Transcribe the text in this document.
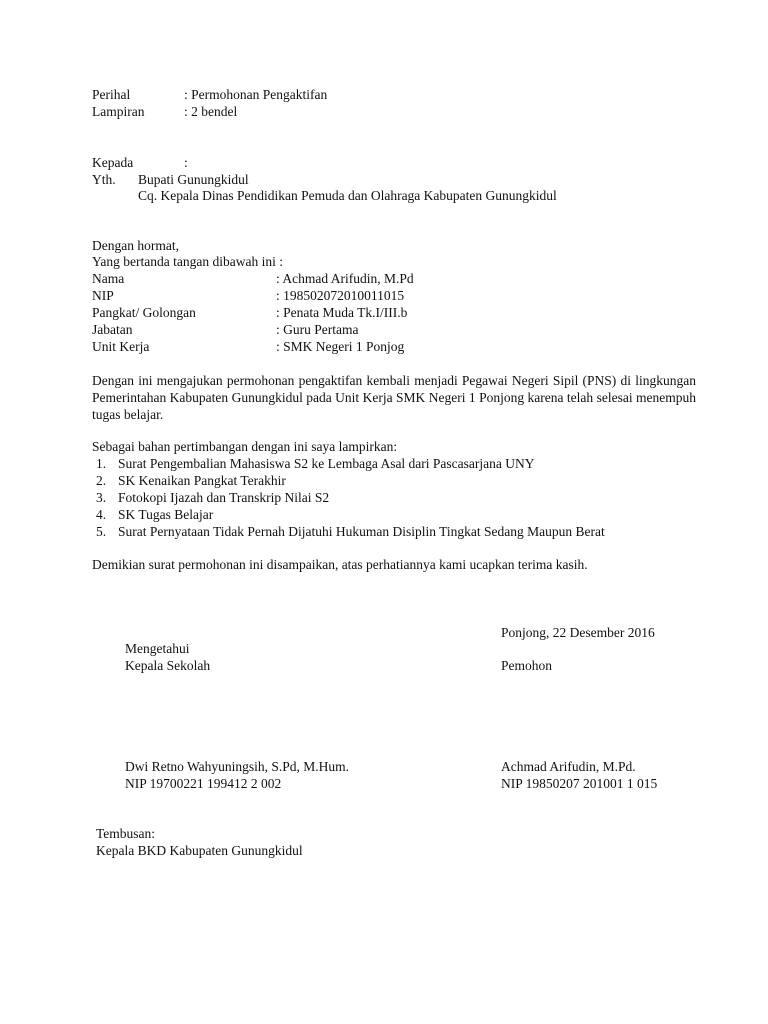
Perihal	: Permohonan Pengaktifan
Lampiran	: 2 bendel
Kepada	:
Yth. Bupati Gunungkidul
Cq. Kepala Dinas Pendidikan Pemuda dan Olahraga Kabupaten Gunungkidul
Dengan hormat,
Yang bertanda tangan dibawah ini :
Nama	: Achmad Arifudin, M.Pd
NIP	: 198502072010011015
Pangkat/ Golongan	: Penata Muda Tk.I/III.b
Jabatan	: Guru Pertama
Unit Kerja	: SMK Negeri 1 Ponjog
Dengan ini mengajukan permohonan pengaktifan kembali menjadi Pegawai Negeri Sipil (PNS) di lingkungan Pemerintahan Kabupaten Gunungkidul pada Unit Kerja SMK Negeri 1 Ponjong karena telah selesai menempuh tugas belajar.
Sebagai bahan pertimbangan dengan ini saya lampirkan:
1. Surat Pengembalian Mahasiswa S2 ke Lembaga Asal dari Pascasarjana UNY
2. SK Kenaikan Pangkat Terakhir
3. Fotokopi Ijazah dan Transkrip Nilai S2
4. SK Tugas Belajar
5. Surat Pernyataan Tidak Pernah Dijatuhi Hukuman Disiplin Tingkat Sedang Maupun Berat
Demikian surat permohonan ini disampaikan, atas perhatiannya kami ucapkan terima kasih.
Ponjong, 22 Desember 2016
Mengetahui
Kepala Sekolah	Pemohon
Dwi Retno Wahyuningsih, S.Pd, M.Hum.
NIP 19700221 199412 2 002
Achmad Arifudin, M.Pd.
NIP 19850207 201001 1 015
Tembusan:
Kepala BKD Kabupaten Gunungkidul
